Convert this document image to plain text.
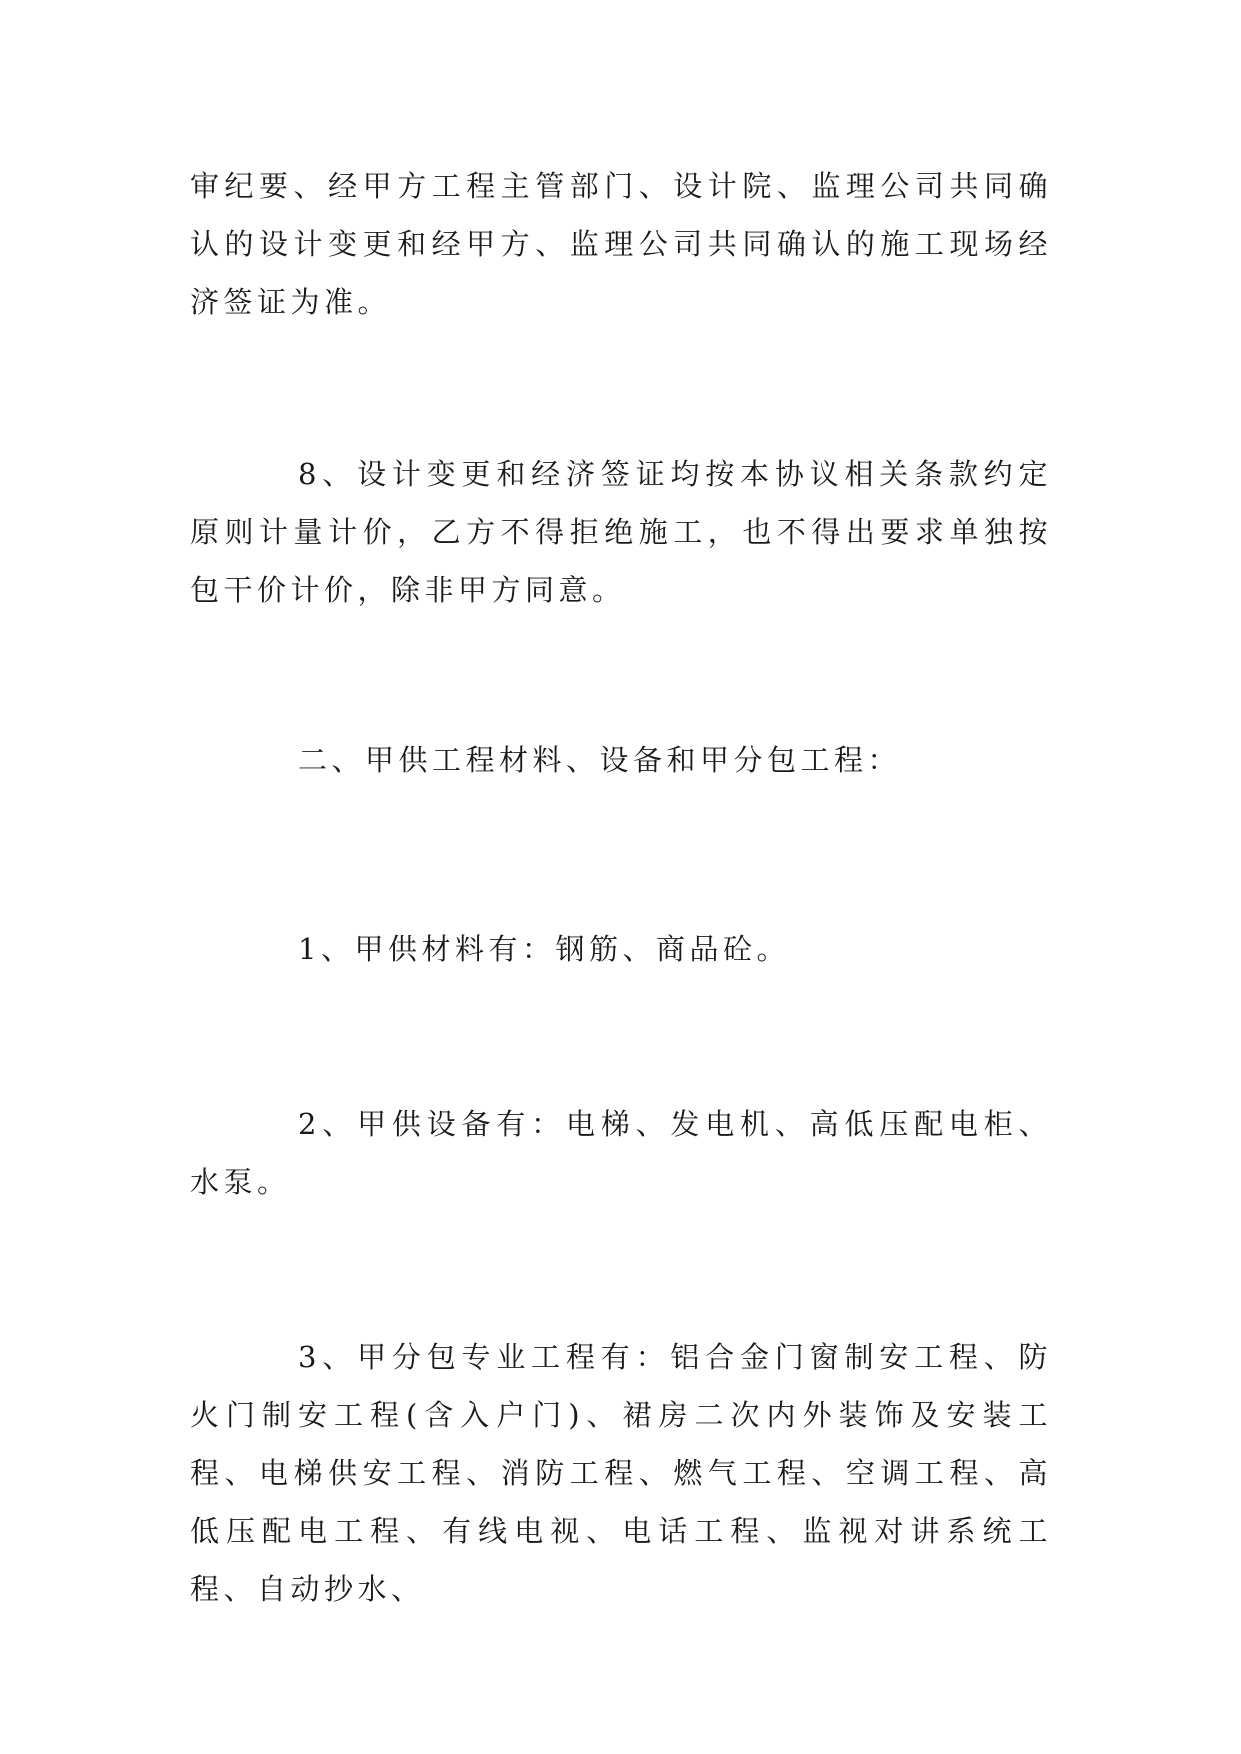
审纪要、经甲方工程主管部门、设计院、监理公司共同确认的设计变更和经甲方、监理公司共同确认的施工现场经济签证为准。

8、设计变更和经济签证均按本协议相关条款约定原则计量计价，乙方不得拒绝施工，也不得出要求单独按包干价计价，除非甲方同意。

二、甲供工程材料、设备和甲分包工程：

1、甲供材料有：钢筋、商品砼。

2、甲供设备有：电梯、发电机、高低压配电柜、水泵。

3、甲分包专业工程有：铝合金门窗制安工程、防火门制安工程(含入户门)、裙房二次内外装饰及安装工程、电梯供安工程、消防工程、燃气工程、空调工程、高低压配电工程、有线电视、电话工程、监视对讲系统工程、自动抄水、
